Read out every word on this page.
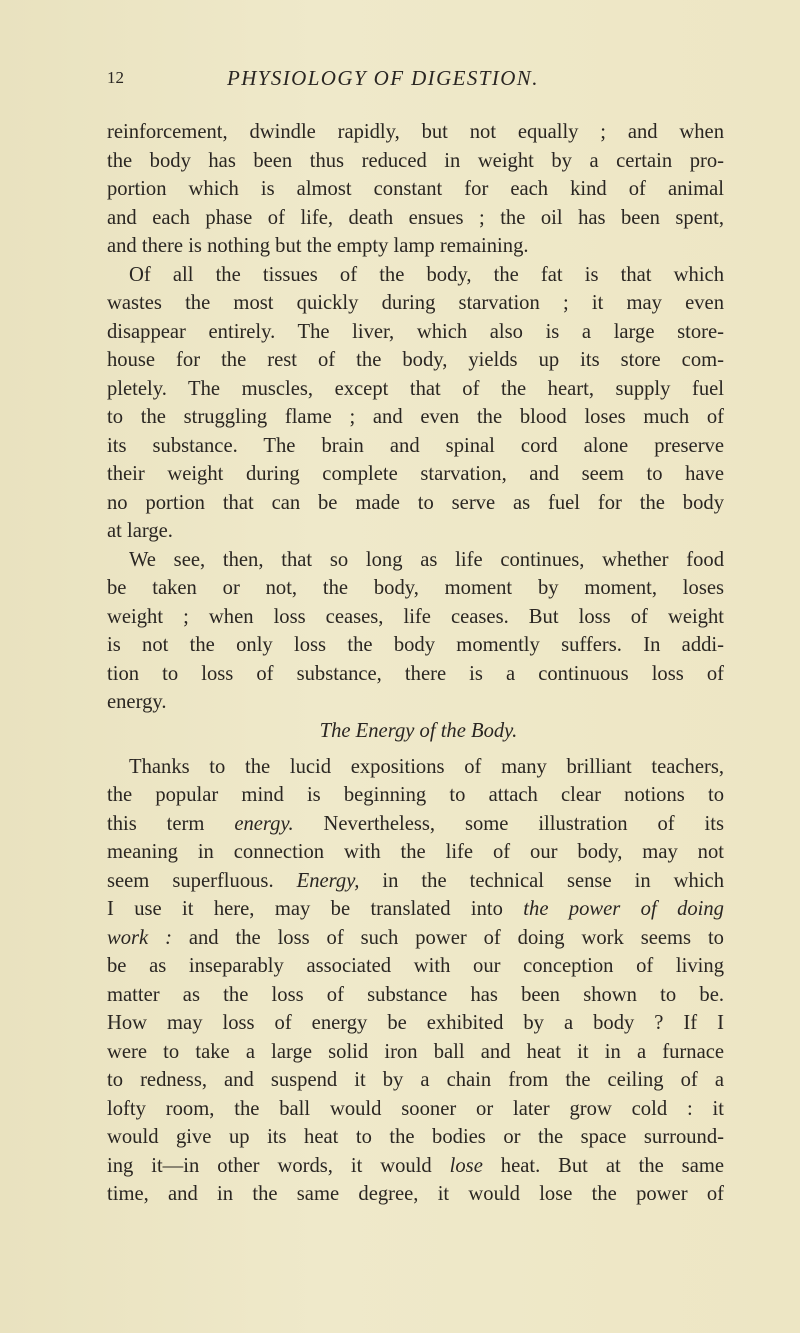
12	PHYSIOLOGY OF DIGESTION.
reinforcement, dwindle rapidly, but not equally ; and when
the body has been thus reduced in weight by a certain pro-
portion which is almost constant for each kind of animal
and each phase of life, death ensues ; the oil has been spent,
and there is nothing but the empty lamp remaining.
Of all the tissues of the body, the fat is that which
wastes the most quickly during starvation ; it may even
disappear entirely. The liver, which also is a large store-
house for the rest of the body, yields up its store com-
pletely. The muscles, except that of the heart, supply fuel
to the struggling flame ; and even the blood loses much of
its substance. The brain and spinal cord alone preserve
their weight during complete starvation, and seem to have
no portion that can be made to serve as fuel for the body
at large.
We see, then, that so long as life continues, whether food
be taken or not, the body, moment by moment, loses
weight ; when loss ceases, life ceases. But loss of weight
is not the only loss the body momently suffers. In addi-
tion to loss of substance, there is a continuous loss of
energy.
The Energy of the Body.
Thanks to the lucid expositions of many brilliant teachers,
the popular mind is beginning to attach clear notions to
this term energy. Nevertheless, some illustration of its
meaning in connection with the life of our body, may not
seem superfluous. Energy, in the technical sense in which
I use it here, may be translated into the power of doing
work : and the loss of such power of doing work seems to
be as inseparably associated with our conception of living
matter as the loss of substance has been shown to be.
How may loss of energy be exhibited by a body ? If I
were to take a large solid iron ball and heat it in a furnace
to redness, and suspend it by a chain from the ceiling of a
lofty room, the ball would sooner or later grow cold : it
would give up its heat to the bodies or the space surround-
ing it—in other words, it would lose heat. But at the same
time, and in the same degree, it would lose the power of
